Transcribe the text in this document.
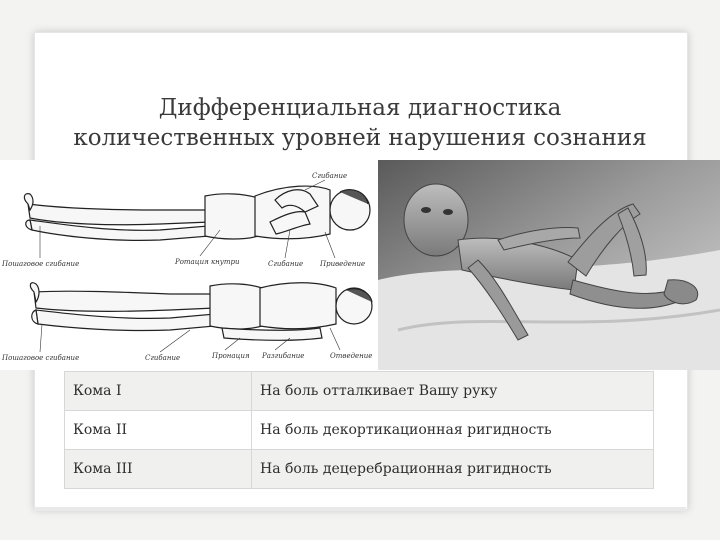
Дифференциальная диагностика
количественных уровней нарушения сознания
Сгибание
Пошаговое сгибание	Ротация кнутри	Сгибание Приведение
Пошаговое сгибание	Сгибание	Пронация Разгибание	Отведение
Кома I	На боль отталкивает Вашу руку
Кома II	На боль декортикационная ригидность
Кома III	На боль децеребрационная ригидность
